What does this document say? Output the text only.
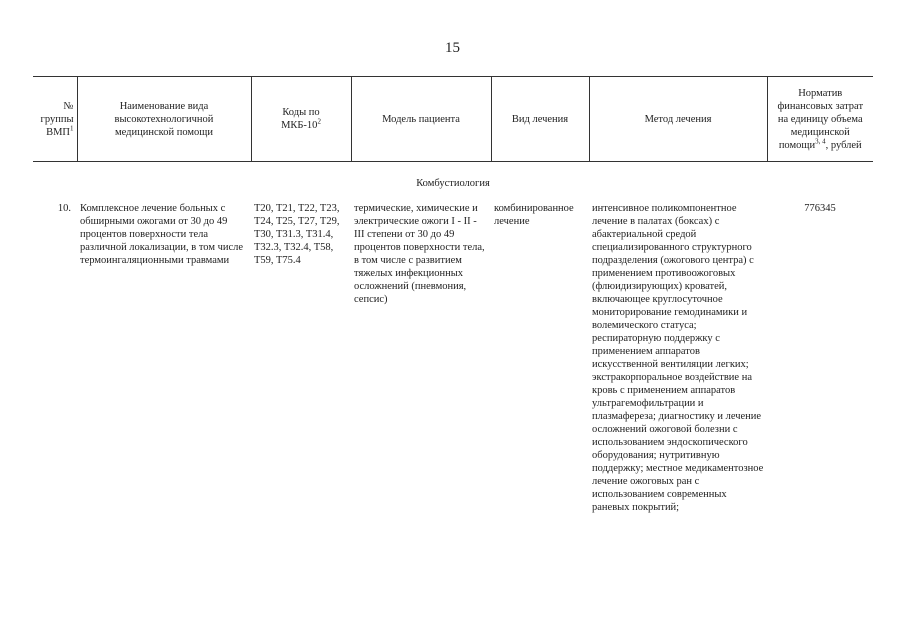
15
№
группы
ВМП$^1$	Наименование вида высокотехнологичной медицинской помощи	Коды по МКБ-$10^2$	Модель пациента	Вид лечения	Метод лечения	Норматив финансовых затрат на единицу объема медицинской помощи$^{3, 4}$, рублей
Комбустиология						
10.	Комплексное лечение больных с обширными ожогами от 30 до 49 процентов поверхности тела различной локализации, в том числе термоингаляционными травмами	T20, T21, T22, T23, T24, T25, T27, T29, T30, T31.3, T31.4, T32.3, T32.4, T58, T59, T75.4	термические, химические и электрические ожоги I - II - III степени от 30 до 49 процентов поверхности тела, в том числе с развитием тяжелых инфекционных осложнений (пневмония, сепсис)	комбинированное лечение	интенсивное поликомпонентное лечение в палатах (боксах) с абактериальной средой специализированного структурного подразделения (ожогового центра) с применением противоожоговых (флюидизирующих) кроватей, включающее круглосуточное мониторирование гемодинамики и волемического статуса; респираторную поддержку с применением аппаратов искусственной вентиляции легких; экстракорпоральное воздействие на кровь с применением аппаратов ультрагемофильтрации и плазмафереза; диагностику и лечение осложнений ожоговой болезни с использованием эндоскопического оборудования; нутритивную поддержку; местное медикаментозное лечение ожоговых ран с использованием современных раневых покрытий;	776345
